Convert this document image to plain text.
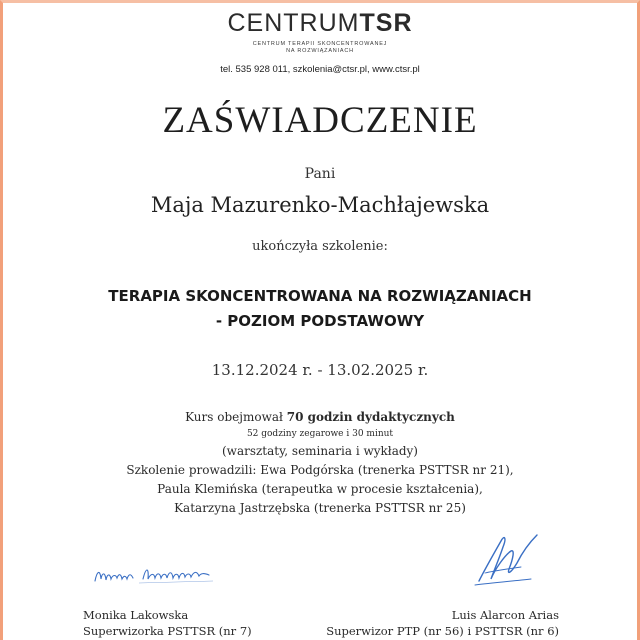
CENTRUMTSR
CENTRUM TERAPII SKONCENTROWANEJ
NA ROZWIĄZANIACH
tel. 535 928 011, szkolenia@ctsr.pl, www.ctsr.pl
ZAŚWIADCZENIE
Pani
Maja Mazurenko-Machłajewska
ukończyła szkolenie:
TERAPIA SKONCENTROWANA NA ROZWIĄZANIACH
- POZIOM PODSTAWOWY
13.12.2024 r. - 13.02.2025 r.
Kurs obejmował 70 godzin dydaktycznych
52 godziny zegarowe i 30 minut
(warsztaty, seminaria i wykłady)
Szkolenie prowadzili: Ewa Podgórska (trenerka PSTTSR nr 21),
Paula Klemińska (terapeutka w procesie kształcenia),
Katarzyna Jastrzębska (trenerka PSTTSR nr 25)
Monika Lakowska
Superwizorka PSTTSR (nr 7)
Luis Alarcon Arias
Superwizor PTP (nr 56) i PSTTSR (nr 6)
